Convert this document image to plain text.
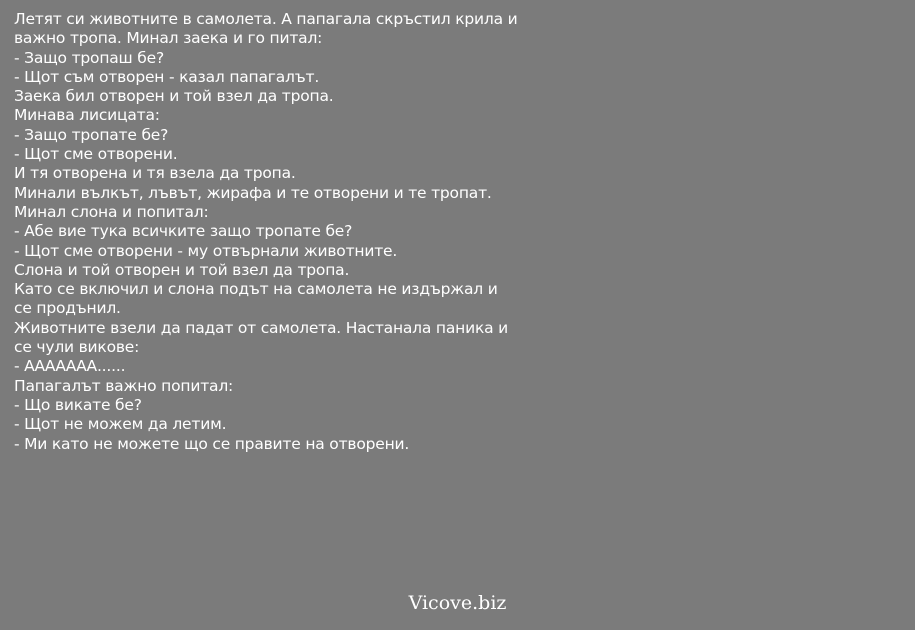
Летят си животните в самолета. А папагала скръстил крила и
важно тропа. Минал заека и го питал:
- Защо тропаш бе?
- Щот съм отворен - казал папагалът.
Заека бил отворен и той взел да тропа.
Минава лисицата:
- Защо тропате бе?
- Щот сме отворени.
И тя отворена и тя взела да тропа.
Минали вълкът, лъвът, жирафа и те отворени и те тропат.
Минал слона и попитал:
- Абе вие тука всичките защо тропате бе?
- Щот сме отворени - му отвърнали животните.
Слона и той отворен и той взел да тропа.
Като се включил и слона подът на самолета не издържал и
се продънил.
Животните взели да падат от самолета. Настанала паника и
се чули викове:
- ААААААА......
Папагалът важно попитал:
- Що викате бе?
- Щот не можем да летим.
- Ми като не можете що се правите на отворени.
Vicove.biz
